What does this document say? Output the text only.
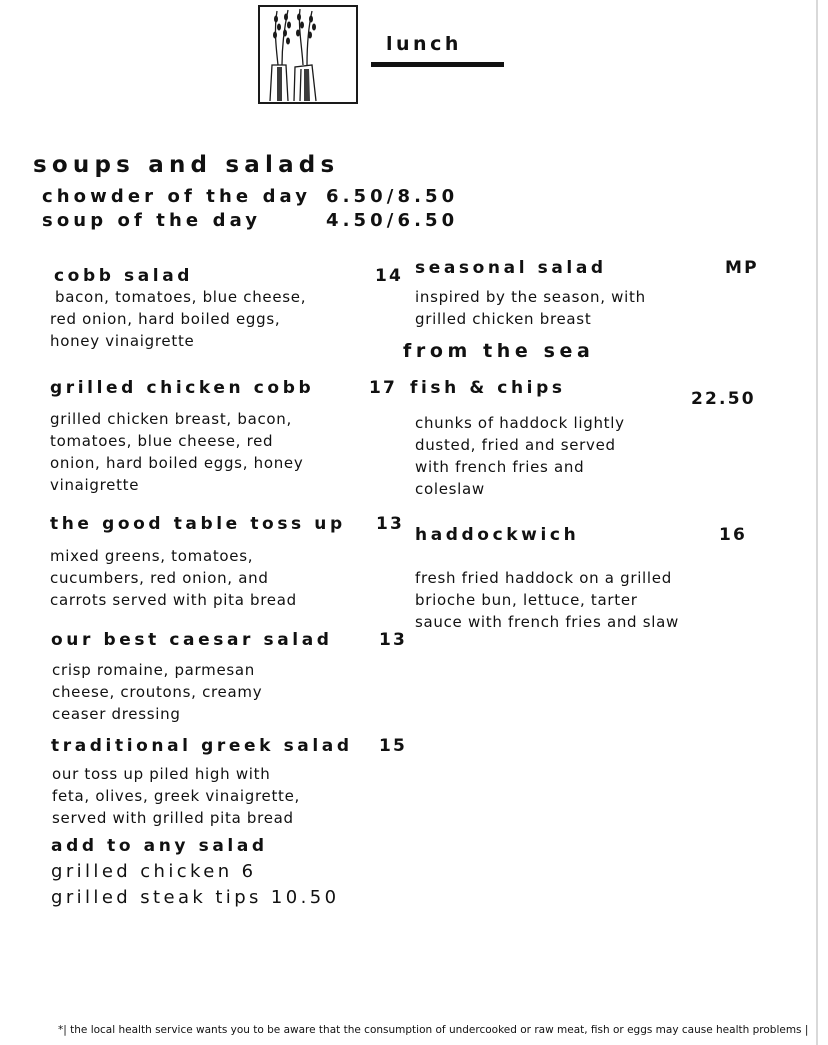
lunch
soups and salads
chowder of the day 6.50/8.50
soup of the day	4.50/6.50
cobb salad	14
bacon, tomatoes, blue cheese,
red onion, hard boiled eggs,
honey vinaigrette
grilled chicken cobb	17
grilled chicken breast, bacon,
tomatoes, blue cheese, red
onion, hard boiled eggs, honey
vinaigrette
the good table toss up 13
mixed greens, tomatoes,
cucumbers, red onion, and
carrots served with pita bread
our best caesar salad	13
crisp romaine, parmesan
cheese, croutons, creamy
ceaser dressing
traditional greek salad 15
our toss up piled high with
feta, olives, greek vinaigrette,
served with grilled pita bread
add to any salad
grilled chicken 6
grilled steak tips 10.50
seasonal salad	MP
inspired by the season, with
grilled chicken breast
from the sea
fish & chips
22.50
chunks of haddock lightly
dusted, fried and served
with french fries and
coleslaw
haddockwich	16
fresh fried haddock on a grilled
brioche bun, lettuce, tarter
sauce with french fries and slaw
*| the local health service wants you to be aware that the consumption of undercooked or raw meat, fish or eggs may cause health problems |
